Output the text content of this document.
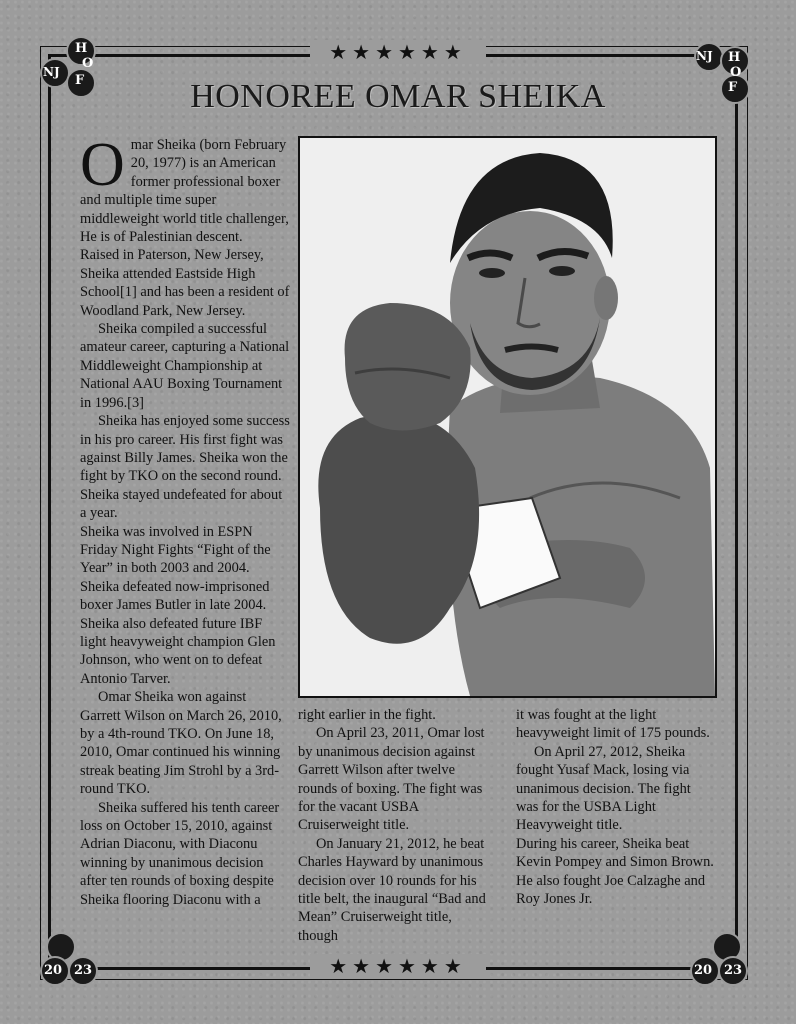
★★★★★★
★★★★★★
H
O
F
NJ
NJ H
O
F
20 23	20 23
HONOREE OMAR SHEIKA

Omar Sheika (born February 20, 1977) is an American former professional boxer and multiple time super middleweight world title challenger, He is of Palestinian descent.

Raised in Paterson, New Jersey, Sheika attended Eastside High School[1] and has been a resident of Woodland Park, New Jersey.

Sheika compiled a successful amateur career, capturing a National Middleweight Championship at National AAU Boxing Tournament in 1996.[3]

Sheika has enjoyed some success in his pro career. His first fight was against Billy James. Sheika won the fight by TKO on the second round. Sheika stayed undefeated for about a year.

Sheika was involved in ESPN Friday Night Fights “Fight of the Year” in both 2003 and 2004. Sheika defeated now-imprisoned boxer James Butler in late 2004. Sheika also defeated future IBF light heavyweight champion Glen Johnson, who went on to defeat Antonio Tarver.

Omar Sheika won against Garrett Wilson on March 26, 2010, by a 4th-round TKO. On June 18, 2010, Omar continued his winning streak beating Jim Strohl by a 3rd-round TKO.

Sheika suffered his tenth career loss on October 15, 2010, against Adrian Diaconu, with Diaconu winning by unanimous decision after ten rounds of boxing despite Sheika flooring Diaconu with a

right earlier in the fight.

On April 23, 2011, Omar lost by unanimous decision against Garrett Wilson after twelve rounds of boxing. The fight was for the vacant USBA Cruiserweight title.

On January 21, 2012, he beat Charles Hayward by unanimous decision over 10 rounds for his title belt, the inaugural “Bad and Mean” Cruiserweight title, though

it was fought at the light heavyweight limit of 175 pounds.

On April 27, 2012, Sheika fought Yusaf Mack, losing via unanimous decision. The fight was for the USBA Light Heavyweight title.

During his career, Sheika beat Kevin Pompey and Simon Brown. He also fought Joe Calzaghe and Roy Jones Jr.
